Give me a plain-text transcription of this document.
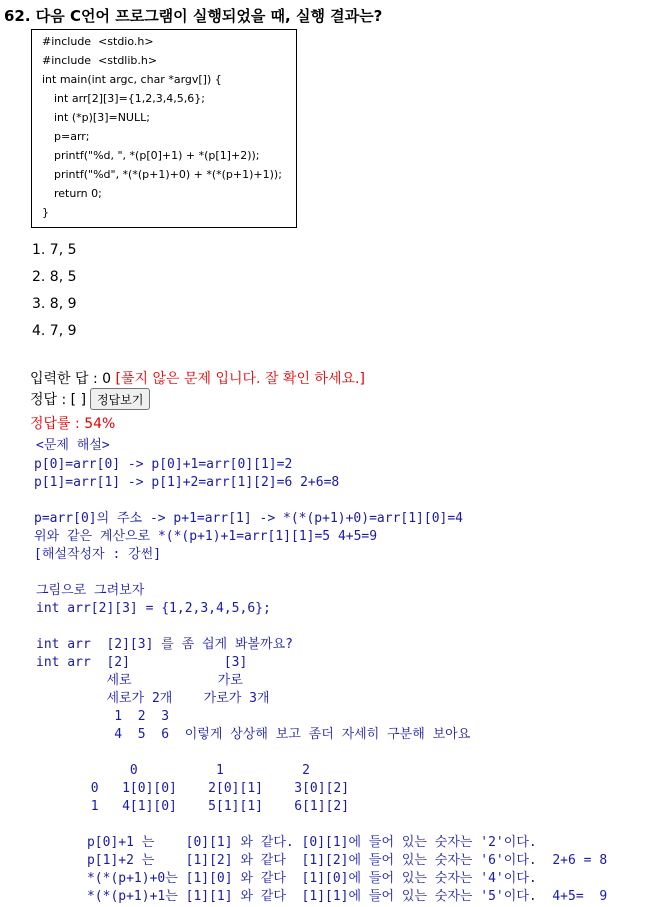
62. 다음 C언어 프로그램이 실행되었을 때, 실행 결과는?
#include  <stdio.h>
#include  <stdlib.h>
int main(int argc, char *argv[]) {
int arr[2][3]={1,2,3,4,5,6};
int (*p)[3]=NULL;
p=arr;
printf("%d, ", *(p[0]+1) + *(p[1]+2));
printf("%d", *(*(p+1)+0) + *(*(p+1)+1));
return 0;
}
1. 7, 5
2. 8, 5
3. 8, 9
4. 7, 9
입력한 답 : 0 [풀지 않은 문제 입니다. 잘 확인 하세요.]
정답 : [ ] 정답보기
정답률 : 54%
<문제 해설>
p[0]=arr[0] -> p[0]+1=arr[0][1]=2
p[1]=arr[1] -> p[1]+2=arr[1][2]=6 2+6=8
p=arr[0]의 주소 -> p+1=arr[1] -> *(*(p+1)+0)=arr[1][0]=4
위와 같은 계산으로 *(*(p+1)+1=arr[1][1]=5 4+5=9
[해설작성자 : 강썬]
그림으로 그려보자
int arr[2][3] = {1,2,3,4,5,6};
int arr  [2][3] 를 좀 쉽게 봐볼까요?
int arr  [2]            [3]
세로           가로
세로가 2개    가로가 3개
1  2  3
4  5  6  이렇게 상상해 보고 좀더 자세히 구분해 보아요
0          1          2
0   1[0][0]    2[0][1]    3[0][2]
1   4[1][0]    5[1][1]    6[1][2]
p[0]+1 는    [0][1] 와 같다. [0][1]에 들어 있는 숫자는 '2'이다.
p[1]+2 는    [1][2] 와 같다  [1][2]에 들어 있는 숫자는 '6'이다.  2+6 = 8
*(*(p+1)+0는 [1][0] 와 같다  [1][0]에 들어 있는 숫자는 '4'이다.
*(*(p+1)+1는 [1][1] 와 같다  [1][1]에 들어 있는 숫자는 '5'이다.  4+5=  9
